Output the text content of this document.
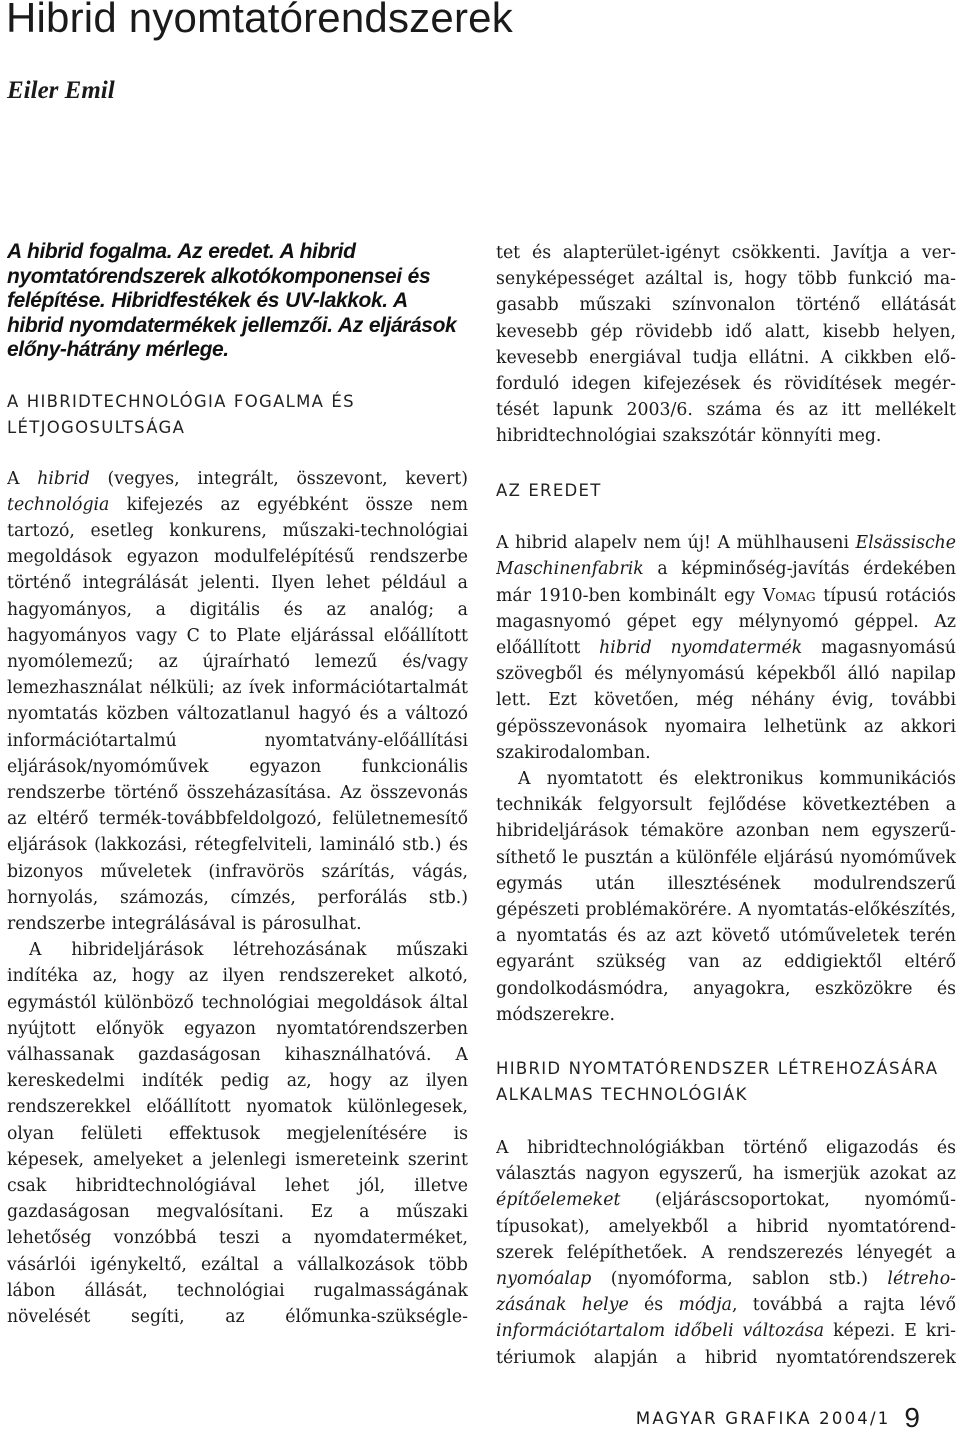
Hibrid nyomtatórendszerek
Eiler Emil

A hibrid fogalma. Az eredet. A hibrid nyomtatórendszerek alkotókomponensei és felépítése. Hibridfestékek és UV-lakkok. A hibrid nyomdatermékek jellemzői. Az eljárások előny-hátrány mérlege.

A HIBRIDTECHNOLÓGIA FOGALMA ÉS LÉTJOGOSULTSÁGA

A hibrid (vegyes, integrált, összevont, kevert) technológia kifejezés az egyébként össze nem tartozó, esetleg konkurens, műszaki-technológiai megoldások egyazon modulfelépítésű rendszerbe történő integrálását jelenti. Ilyen lehet például a hagyományos, a digitális és az analóg; a hagyományos vagy C to Plate eljárással előállított nyomólemezű; az újraírható lemezű és/vagy lemezhasználat nélküli; az ívek információtartalmát nyomtatás közben változatlanul hagyó és a változó információtartalmú nyomtatvány-előállítási eljárások/nyomóművek egyazon funkcionális rendszerbe történő összeházasítása. Az összevonás az eltérő termék-továbbfeldolgozó, felületnemesítő eljárások (lakkozási, rétegfelviteli, lamináló stb.) és bizonyos műveletek (infravörös szárítás, vágás, hornyolás, számozás, címzés, perforálás stb.) rendszerbe integrálásával is párosulhat.

A hibrideljárások létrehozásának műszaki indítéka az, hogy az ilyen rendszereket alkotó, egymástól különböző technológiai megoldások által nyújtott előnyök egyazon nyomtatórendszerben válhassanak gazdaságosan kihasználhatóvá. A kereskedelmi indíték pedig az, hogy az ilyen rendszerekkel előállított nyomatok különlegesek, olyan felületi effektusok megjelenítésére is képesek, amelyeket a jelenlegi ismereteink szerint csak hibridtechnológiával lehet jól, illetve gazdaságosan megvalósítani. Ez a műszaki lehetőség vonzóbbá teszi a nyomdaterméket, vásárlói igénykeltő, ezáltal a vállalkozások több lábon állását, technológiai rugalmasságának növelését segíti, az élőmunka-szükségle-

tet és alapterület-igényt csökkenti. Javítja a versenyképességet azáltal is, hogy több funkció magasabb műszaki színvonalon történő ellátását kevesebb gép rövidebb idő alatt, kisebb helyen, kevesebb energiával tudja ellátni. A cikkben előforduló idegen kifejezések és rövidítések megértését lapunk 2003/6. száma és az itt mellékelt hibridtechnológiai szakszótár könnyíti meg.

AZ EREDET

A hibrid alapelv nem új! A mühlhauseni Elsässische Maschinenfabrik a képminőség-javítás érdekében már 1910-ben kombinált egy Vomag típusú rotációs magasnyomó gépet egy mélynyomó géppel. Az előállított hibrid nyomdatermék magasnyomású szövegből és mélynyomású képekből álló napilap lett. Ezt követően, még néhány évig, további gépösszevonások nyomaira lelhetünk az akkori szakirodalomban.

A nyomtatott és elektronikus kommunikációs technikák felgyorsult fejlődése következtében a hibrideljárások témaköre azonban nem egyszerűsíthető le pusztán a különféle eljárású nyomóművek egymás után illesztésének modulrendszerű gépészeti problémakörére. A nyomtatás-előkészítés, a nyomtatás és az azt követő utóműveletek terén egyaránt szükség van az eddigiektől eltérő gondolkodásmódra, anyagokra, eszközökre és módszerekre.

HIBRID NYOMTATÓRENDSZER LÉTREHOZÁSÁRA ALKALMAS TECHNOLÓGIÁK

A hibridtechnológiákban történő eligazodás és választás nagyon egyszerű, ha ismerjük azokat az építőelemeket (eljáráscsoportokat, nyomóműtípusokat), amelyekből a hibrid nyomtatórendszerek felépíthetőek. A rendszerezés lényegét a nyomóalap (nyomóforma, sablon stb.) létrehozásának helye és módja, továbbá a rajta lévő információtartalom időbeli változása képezi. E kritériumok alapján a hibrid nyomtatórendszerek

MAGYAR GRAFIKA 2004/1 9
